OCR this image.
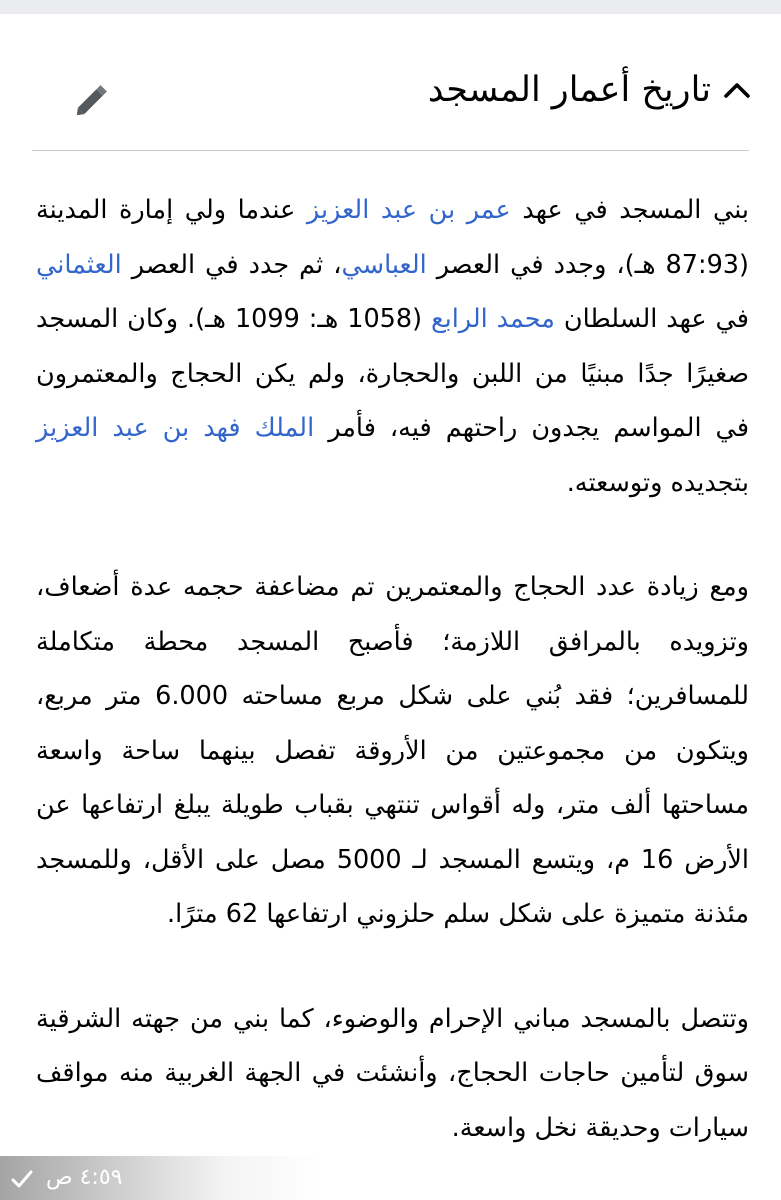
تاريخ أعمار المسجد

بني المسجد في عهد عمر بن عبد العزيز عندما ولي إمارة المدينة (87:93 هـ)، وجدد في العصر العباسي، ثم جدد في العصر العثماني في عهد السلطان محمد الرابع (1058 هـ: 1099 هـ). وكان المسجد صغيرًا جدًا مبنيًا من اللبن والحجارة، ولم يكن الحجاج والمعتمرون في المواسم يجدون راحتهم فيه، فأمر الملك فهد بن عبد العزيز بتجديده وتوسعته.

ومع زيادة عدد الحجاج والمعتمرين تم مضاعفة حجمه عدة أضعاف، وتزويده بالمرافق اللازمة؛ فأصبح المسجد محطة متكاملة للمسافرين؛ فقد بُني على شكل مربع مساحته 6.000 متر مربع، ويتكون من مجموعتين من الأروقة تفصل بينهما ساحة واسعة مساحتها ألف متر، وله أقواس تنتهي بقباب طويلة يبلغ ارتفاعها عن الأرض 16 م، ويتسع المسجد لـ 5000 مصل على الأقل، وللمسجد مئذنة متميزة على شكل سلم حلزوني ارتفاعها 62 مترًا.

وتتصل بالمسجد مباني الإحرام والوضوء، كما بني من جهته الشرقية سوق لتأمين حاجات الحجاج، وأنشئت في الجهة الغربية منه مواقف سيارات وحديقة نخل واسعة.

٤:٥٩ ص
